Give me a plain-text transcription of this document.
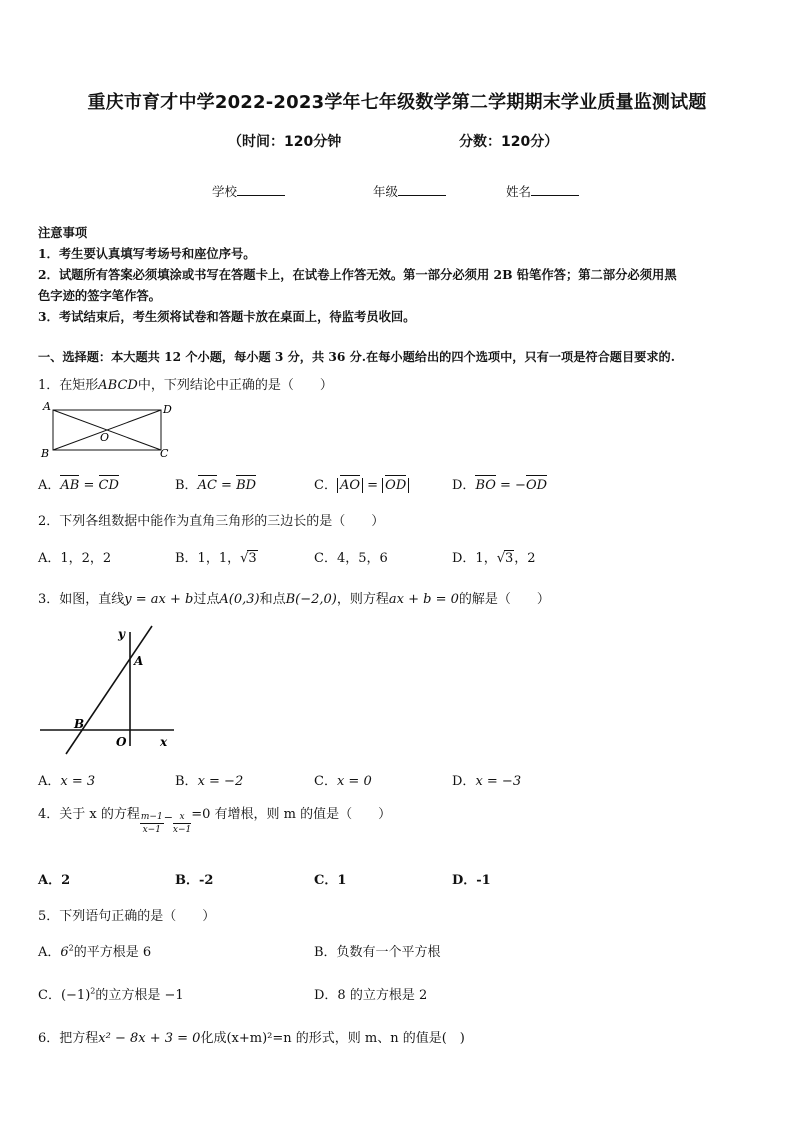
重庆市育才中学2022-2023学年七年级数学第二学期期末学业质量监测试题
（时间：120分钟	分数：120分）
学校	年级	姓名
注意事项
1．考生要认真填写考场号和座位序号。
2．试题所有答案必须填涂或书写在答题卡上，在试卷上作答无效。第一部分必须用 2B 铅笔作答；第二部分必须用黑
色字迹的签字笔作答。
3．考试结束后，考生须将试卷和答题卡放在桌面上，待监考员收回。
一、选择题：本大题共 12 个小题，每小题 3 分，共 36 分.在每小题给出的四个选项中，只有一项是符合题目要求的.
1．在矩形ABCD中，下列结论中正确的是（　　）
A	D
O
B	C
A．AB = CD	B．AC = BD	C． AO = OD	D．BO = −OD
2．下列各组数据中能作为直角三角形的三边长的是（　　）
A．1，2，2	B．1，1，√3	C．4，5，6	D．1，√3，2
3．如图，直线y = ax + b过点A(0,3)和点B(−2,0)，则方程ax + b = 0的解是（　　）
y
A
B
O	x
A．x = 3	B．x = −2	C．x = 0	D．x = −3
4．关于 x 的方程 $\frac{m-1}{x-1} _- \frac{x}{x-1} =0$ 有增根，则 m 的值是（　　）
A．2	B．-2	C．1	D．-1
5．下列语句正确的是（　　）
A．$6^2$的平方根是 6	B．负数有一个平方根
C．$(-1)^2$的立方根是 −1	D．8 的立方根是 2
6．把方程x² − 8x + 3 = 0化成(x+m)²=n 的形式，则 m、n 的值是(　)
